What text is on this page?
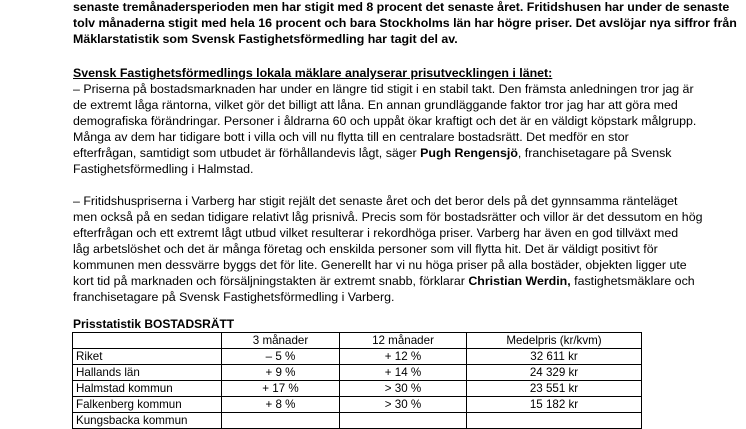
senaste tremånadersperioden men har stigit med 8 procent det senaste året. Fritidshusen har under de senaste
tolv månaderna stigit med hela 16 procent och bara Stockholms län har högre priser. Det avslöjar nya siffror från
Mäklarstatistik som Svensk Fastighetsförmedling har tagit del av.
Svensk Fastighetsförmedlings lokala mäklare analyserar prisutvecklingen i länet:
– Priserna på bostadsmarknaden har under en längre tid stigit i en stabil takt. Den främsta anledningen tror jag är
de extremt låga räntorna, vilket gör det billigt att låna. En annan grundläggande faktor tror jag har att göra med
demografiska förändringar. Personer i åldrarna 60 och uppåt ökar kraftigt och det är en väldigt köpstark målgrupp.
Många av dem har tidigare bott i villa och vill nu flytta till en centralare bostadsrätt. Det medför en stor
efterfrågan, samtidigt som utbudet är förhållandevis lågt, säger Pugh Rengensjö, franchisetagare på Svensk
Fastighetsförmedling i Halmstad.
– Fritidshuspriserna i Varberg har stigit rejält det senaste året och det beror dels på det gynnsamma ränteläget
men också på en sedan tidigare relativt låg prisnivå. Precis som för bostadsrätter och villor är det dessutom en hög
efterfrågan och ett extremt lågt utbud vilket resulterar i rekordhöga priser. Varberg har även en god tillväxt med
låg arbetslöshet och det är många företag och enskilda personer som vill flytta hit. Det är väldigt positivt för
kommunen men dessvärre byggs det för lite. Generellt har vi nu höga priser på alla bostäder, objekten ligger ute
kort tid på marknaden och försäljningstakten är extremt snabb, förklarar Christian Werdin, fastighetsmäklare och
franchisetagare på Svensk Fastighetsförmedling i Varberg.
Prisstatistik BOSTADSRÄTT
	3 månader	12 månader	Medelpris (kr/kvm)
Riket	– 5 %	+ 12 %	32 611 kr
Hallands län	+ 9 %	+ 14 %	24 329 kr
Halmstad kommun	+ 17 %	> 30 %	23 551 kr
Falkenberg kommun	+ 8 %	> 30 %	15 182 kr
Kungsbacka kommun			
